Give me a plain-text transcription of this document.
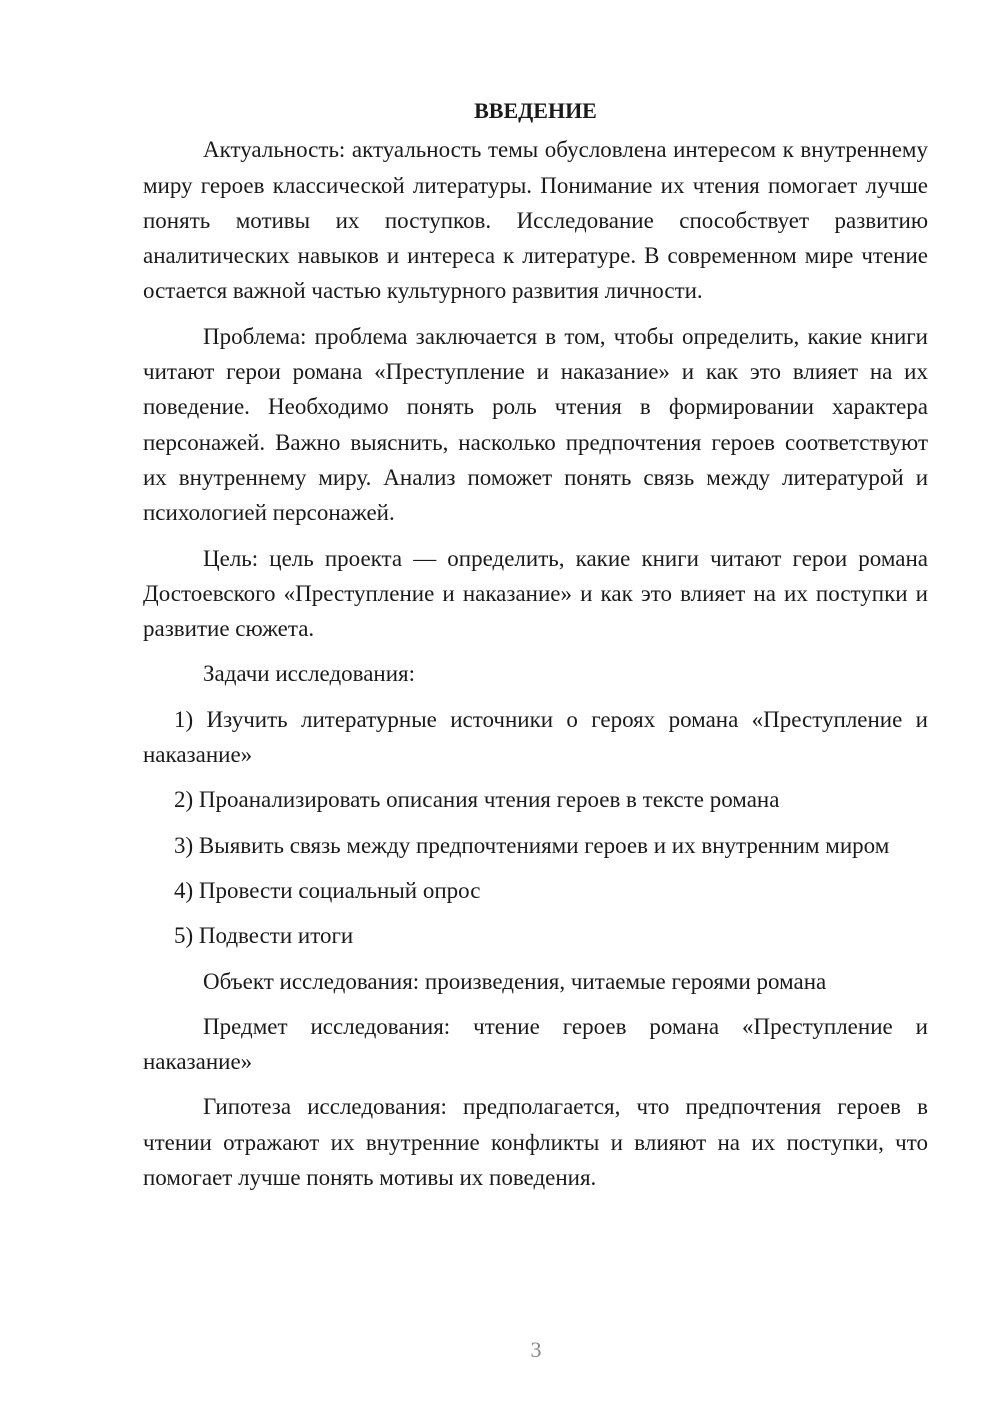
ВВЕДЕНИЕ

Актуальность: актуальность темы обусловлена интересом к внутреннему миру героев классической литературы. Понимание их чтения помогает лучше понять мотивы их поступков. Исследование способствует развитию аналитических навыков и интереса к литературе. В современном мире чтение остается важной частью культурного развития личности.

Проблема: проблема заключается в том, чтобы определить, какие книги читают герои романа «Преступление и наказание» и как это влияет на их поведение. Необходимо понять роль чтения в формировании характера персонажей. Важно выяснить, насколько предпочтения героев соответствуют их внутреннему миру. Анализ поможет понять связь между литературой и психологией персонажей.

Цель: цель проекта — определить, какие книги читают герои романа Достоевского «Преступление и наказание» и как это влияет на их поступки и развитие сюжета.

Задачи исследования:

1) Изучить литературные источники о героях романа «Преступление и наказание»

2) Проанализировать описания чтения героев в тексте романа

3) Выявить связь между предпочтениями героев и их внутренним миром

4) Провести социальный опрос

5) Подвести итоги

Объект исследования: произведения, читаемые героями романа

Предмет исследования: чтение героев романа «Преступление и наказание»

Гипотеза исследования: предполагается, что предпочтения героев в чтении отражают их внутренние конфликты и влияют на их поступки, что помогает лучше понять мотивы их поведения.

3
